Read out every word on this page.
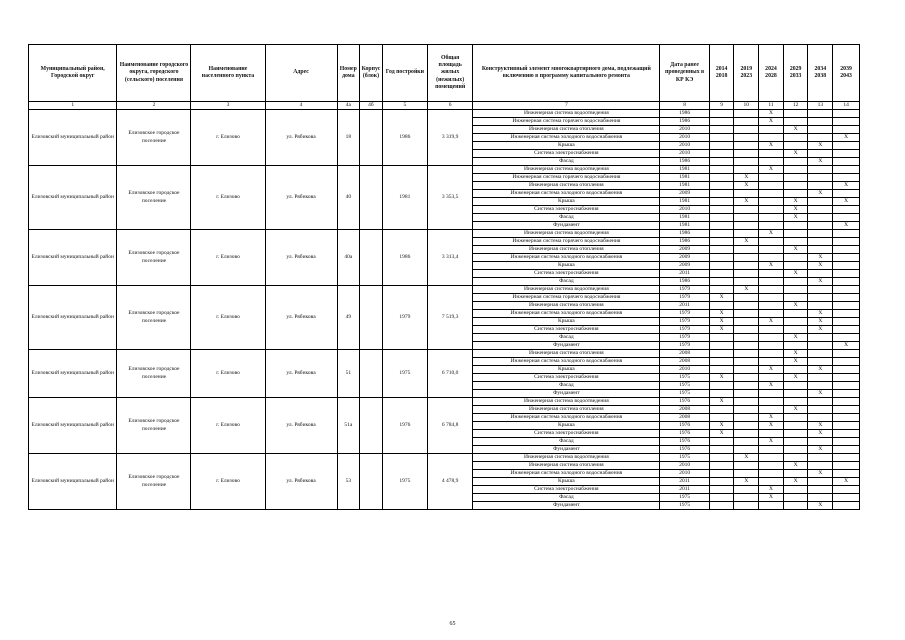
Муниципальный район, Городской округ	Наименование городского округа, городского (сельского) поселения	Наименование населенного пункта	Адрес	Номер дома	Корпус (блок)	Год постройки	Общая площадь жилых (нежилых) помещений	Конструктивный элемент многоквартирного дома, подлежащий включению в программу капитального ремонта	Дата ранее проведенных в КР КЭ	2014 2018	2019 2023	2024 2028	2029 2033	2034 2038	2039 2043
1	2	3	4	4а	4б	5	6	7	8	9	10	11	12	13	14
Елизовский муниципальный район	Елизовское городское поселение	г. Елизово	ул. Рябикова	18		1986	3 319,9	Инженерная система водоотведения	1986			X			
								Инженерная система горячего водоснабжения	1986			X			
								Инженерная система отопления	2010				X		
								Инженерная система холодного водоснабжения	2010						X
								Крыша	2010			X		X	
								Система электроснабжения	2010				X		
								Фасад	1986					X	
Елизовский муниципальный район	Елизовское городское поселение	г. Елизово	ул. Рябикова	40		1981	3 353,5	Инженерная система водоотведения	1981			X			
								Инженерная система горячего водоснабжения	1981		X				
								Инженерная система отопления	1981		X				X
								Инженерная система холодного водоснабжения	2009					X	
								Крыша	1981		X		X		X
								Система электроснабжения	2010				X		
								Фасад	1981				X		
								Фундамент	1981						X
Елизовский муниципальный район	Елизовское городское поселение	г. Елизово	ул. Рябикова	40а		1986	3 313,4	Инженерная система водоотведения	1986			X			
								Инженерная система горячего водоснабжения	1986		X				
								Инженерная система отопления	2009				X		
								Инженерная система холодного водоснабжения	2009					X	
								Крыша	2009			X		X	
								Система электроснабжения	2011				X		
								Фасад	1986					X	
Елизовский муниципальный район	Елизовское городское поселение	г. Елизово	ул. Рябикова	49		1979	7 519,3	Инженерная система водоотведения	1979		X				
								Инженерная система горячего водоснабжения	1979	X					
								Инженерная система отопления	2011				X		
								Инженерная система холодного водоснабжения	1979	X				X	
								Крыша	1979	X		X		X	
								Система электроснабжения	1979	X				X	
								Фасад	1979				X		
								Фундамент	1979						X
Елизовский муниципальный район	Елизовское городское поселение	г. Елизово	ул. Рябикова	51		1975	6 710,0	Инженерная система отопления	2008				X		
								Инженерная система холодного водоснабжения	2008				X		
								Крыша	2010			X		X	
								Система электроснабжения	1975	X			X		
								Фасад	1975			X			
								Фундамент	1975					X	
Елизовский муниципальный район	Елизовское городское поселение	г. Елизово	ул. Рябикова	51а		1976	6 784,8	Инженерная система водоотведения	1976	X					
								Инженерная система отопления	2008				X		
								Инженерная система холодного водоснабжения	2008			X			
								Крыша	1976	X		X		X	
								Система электроснабжения	1976	X				X	
								Фасад	1976			X			
								Фундамент	1976					X	
Елизовский муниципальный район	Елизовское городское поселение	г. Елизово	ул. Рябикова	53		1975	4 478,9	Инженерная система водоотведения	1975		X				
								Инженерная система отопления	2010				X		
								Инженерная система холодного водоснабжения	2010					X	
								Крыша	2011		X		X		X
								Система электроснабжения	2011			X			
								Фасад	1975			X			
								Фундамент	1975					X	
65
